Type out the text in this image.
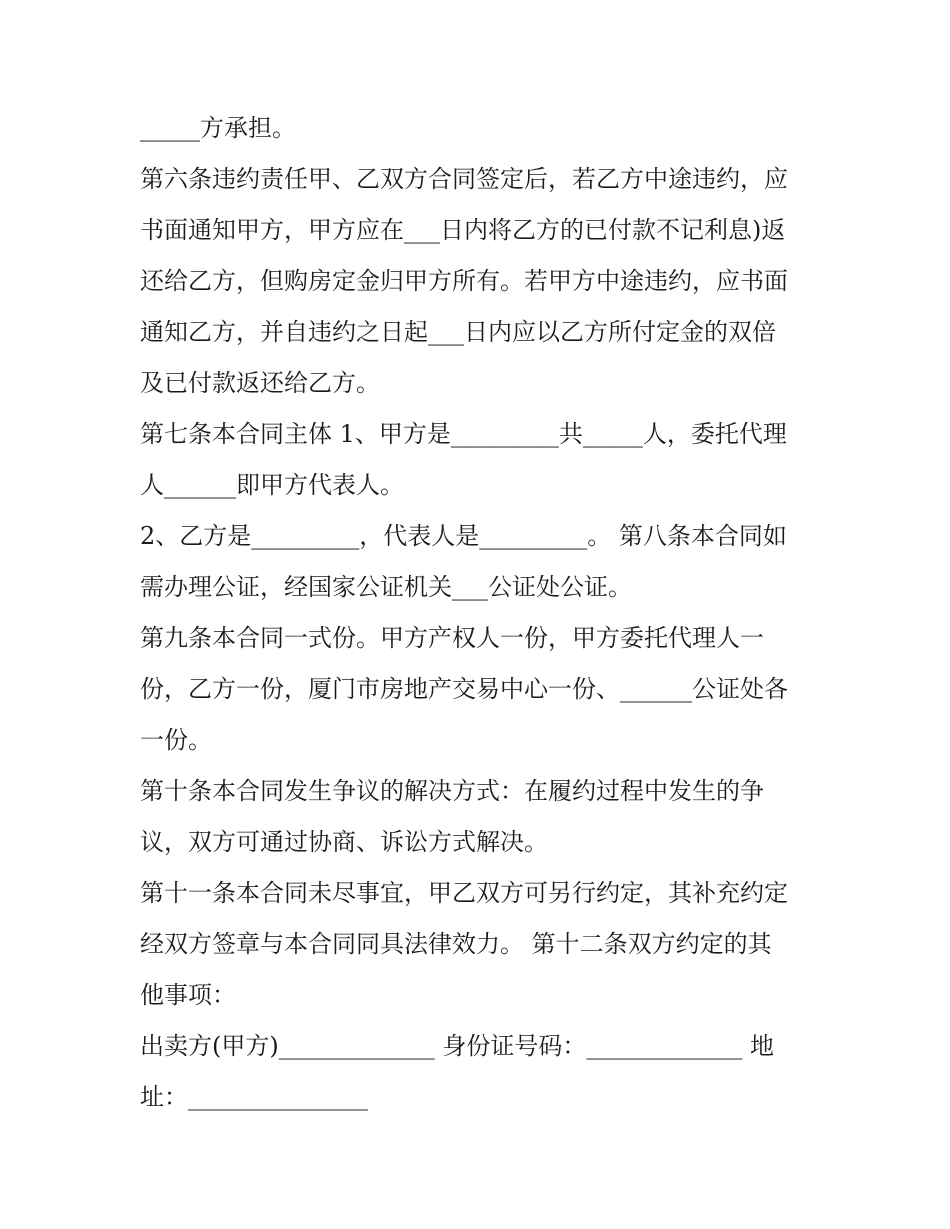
_____方承担。

第六条违约责任甲、乙双方合同签定后，若乙方中途违约，应
书面通知甲方，甲方应在___日内将乙方的已付款不记利息)返
还给乙方，但购房定金归甲方所有。若甲方中途违约，应书面
通知乙方，并自违约之日起___日内应以乙方所付定金的双倍
及已付款返还给乙方。

第七条本合同主体 1、甲方是_________共_____人，委托代理
人______即甲方代表人。

2、乙方是_________，代表人是_________。 第八条本合同如
需办理公证，经国家公证机关___公证处公证。

第九条本合同一式份。甲方产权人一份，甲方委托代理人一
份，乙方一份，厦门市房地产交易中心一份、______公证处各
一份。

第十条本合同发生争议的解决方式：在履约过程中发生的争
议，双方可通过协商、诉讼方式解决。

第十一条本合同未尽事宜，甲乙双方可另行约定，其补充约定
经双方签章与本合同同具法律效力。 第十二条双方约定的其
他事项：

出卖方(甲方)_____________ 身份证号码：_____________ 地
址：_______________
